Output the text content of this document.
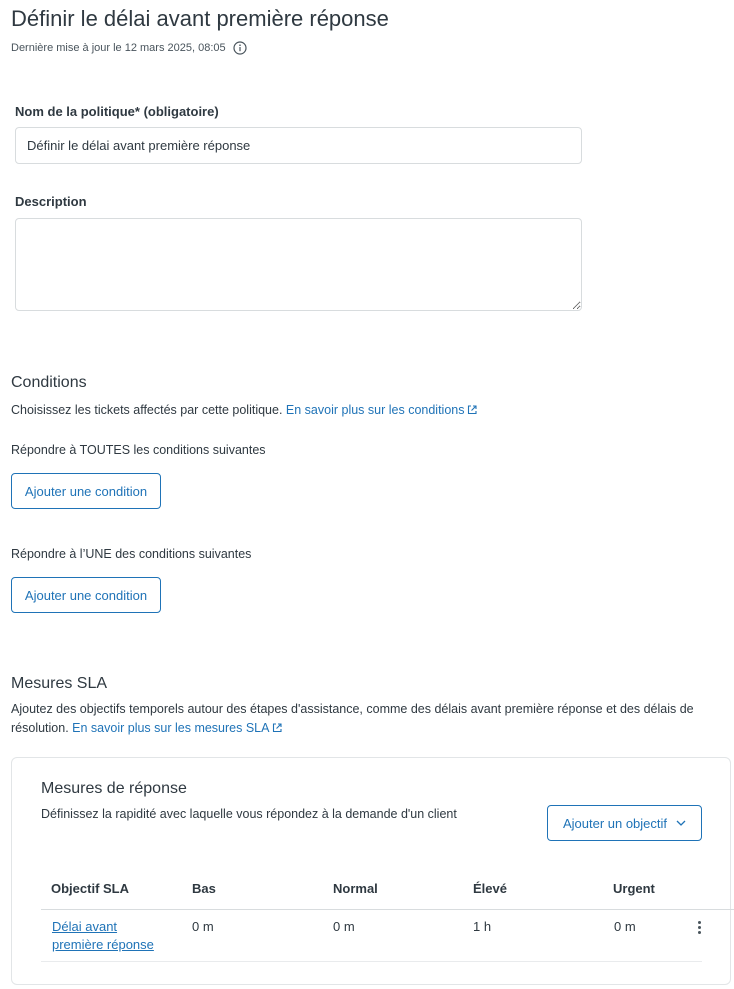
Définir le délai avant première réponse
Dernière mise à jour le 12 mars 2025, 08:05
Nom de la politique* (obligatoire)
Définir le délai avant première réponse
Description
Conditions
Choisissez les tickets affectés par cette politique. En savoir plus sur les conditions
Répondre à TOUTES les conditions suivantes
Ajouter une condition
Répondre à l’UNE des conditions suivantes
Ajouter une condition
Mesures SLA
Ajoutez des objectifs temporels autour des étapes d'assistance, comme des délais avant première réponse et des délais de
résolution. En savoir plus sur les mesures SLA
Mesures de réponse
Définissez la rapidité avec laquelle vous répondez à la demande d'un client
Ajouter un objectif
Objectif SLA	Bas	Normal	Élevé	Urgent
Délai avant
première réponse
0 m	0 m	1 h	0 m
